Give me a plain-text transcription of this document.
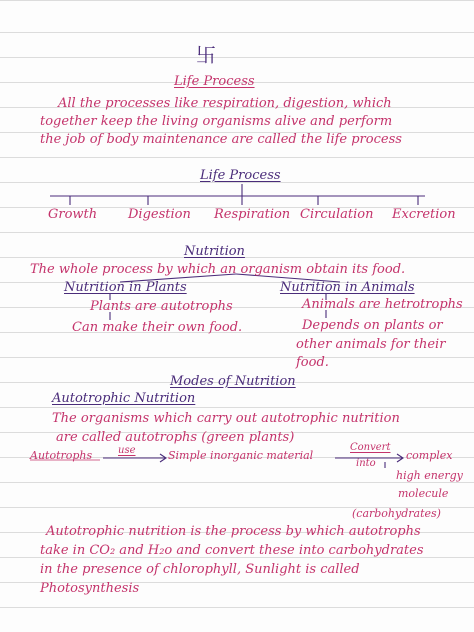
卐
Life Process
All the processes like respiration, digestion, which
together keep the living organisms alive and perform
the job of body maintenance are called the life process
Life Process
Growth Digestion Respiration Circulation Excretion
Nutrition
The whole process by which an organism obtain its food.
Nutrition in Plants
Plants are autotrophs
Can make their own food.
Nutrition in Animals
Animals are hetrotrophs
Depends on plants or
other animals for their
food.
Modes of Nutrition
Autotrophic Nutrition
The organisms which carry out autotrophic nutrition
are called autotrophs (green plants)
Autotrophs	use	Simple inorganic material
Convert
into
complex
high energy
molecule
(carbohydrates)
Autotrophic nutrition is the process by which autotrophs
take in CO₂ and H₂o and convert these into carbohydrates
in the presence of chlorophyll, Sunlight is called
Photosynthesis
